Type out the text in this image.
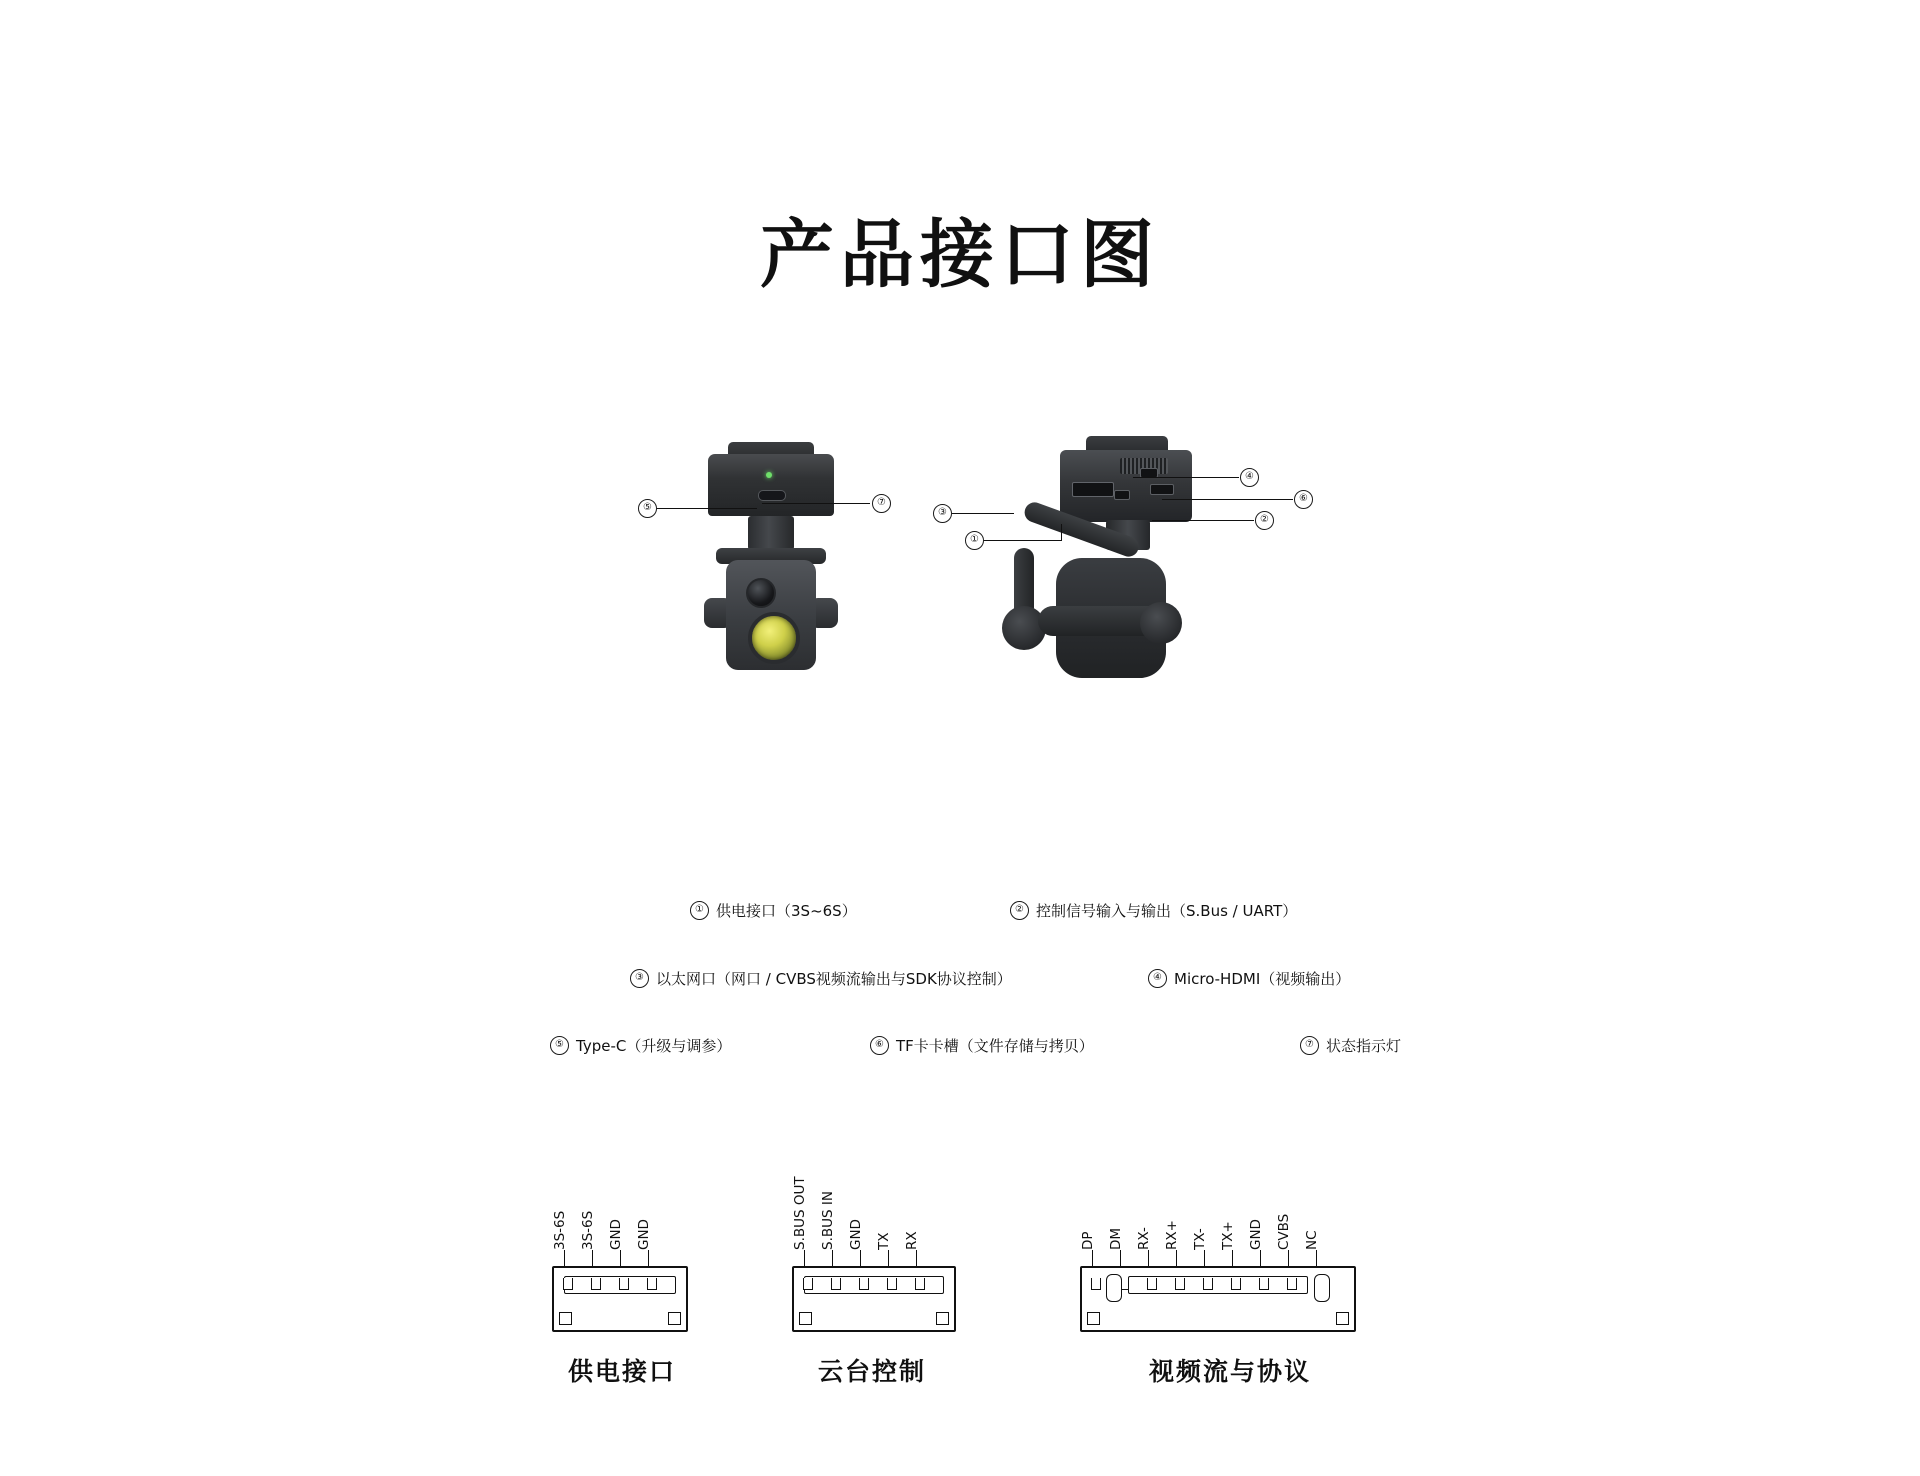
产品接口图
⑤	⑦
③
①
④
⑥
②
① 供电接口（3S~6S）	② 控制信号输入与输出（S.Bus / UART）
③ 以太网口（网口 / CVBS视频流输出与SDK协议控制）	④ Micro-HDMI（视频输出）
⑤ Type-C（升级与调参）	⑥ TF卡卡槽（文件存储与拷贝）	⑦ 状态指示灯
3S-6S 3S-6S GND GND
供电接口
S.BUS OUT S.BUS IN GND TX RX
云台控制
DP DM RX- RX+ TX- TX+ GND CVBS NC
视频流与协议
